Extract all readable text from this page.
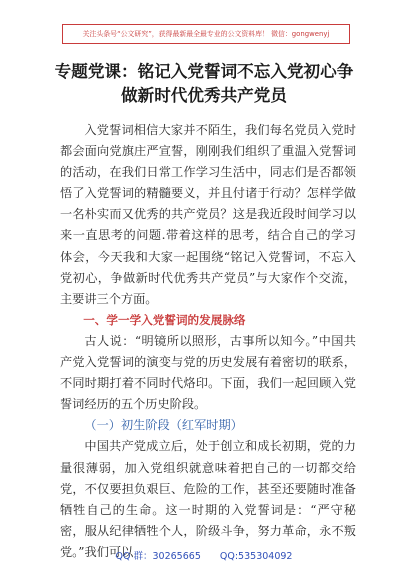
关注头条号“公文研究”，获得最新最全最专业的公文资料库！ 微信：gongwenyj
专题党课：铭记入党誓词不忘入党初心争
做新时代优秀共产党员
入党誓词相信大家并不陌生，我们每名党员入党时都会面向党旗庄严宣誓，刚刚我们组织了重温入党誓词的活动，在我们日常工作学习生活中，同志们是否都领悟了入党誓词的精髓要义，并且付诸于行动？怎样学做一名朴实而又优秀的共产党员？这是我近段时间学习以来一直思考的问题.带着这样的思考，结合自己的学习体会，今天我和大家一起围绕“铭记入党誓词，不忘入党初心，争做新时代优秀共产党员”与大家作个交流，主要讲三个方面。
一、学一学入党誓词的发展脉络
古人说：“明镜所以照形，古事所以知今。”中国共产党入党誓词的演变与党的历史发展有着密切的联系，不同时期打着不同时代烙印。下面，我们一起回顾入党誓词经历的五个历史阶段。
（一）初生阶段（红军时期）
中国共产党成立后，处于创立和成长初期，党的力量很薄弱，加入党组织就意味着把自己的一切都交给党，不仅要担负艰巨、危险的工作，甚至还要随时准备牺牲自己的生命。这一时期的入党誓词是：“严守秘密，服从纪律牺牲个人，阶级斗争，努力革命，永不叛党。”我们可以
QQ 群：30265665 QQ:535304092
